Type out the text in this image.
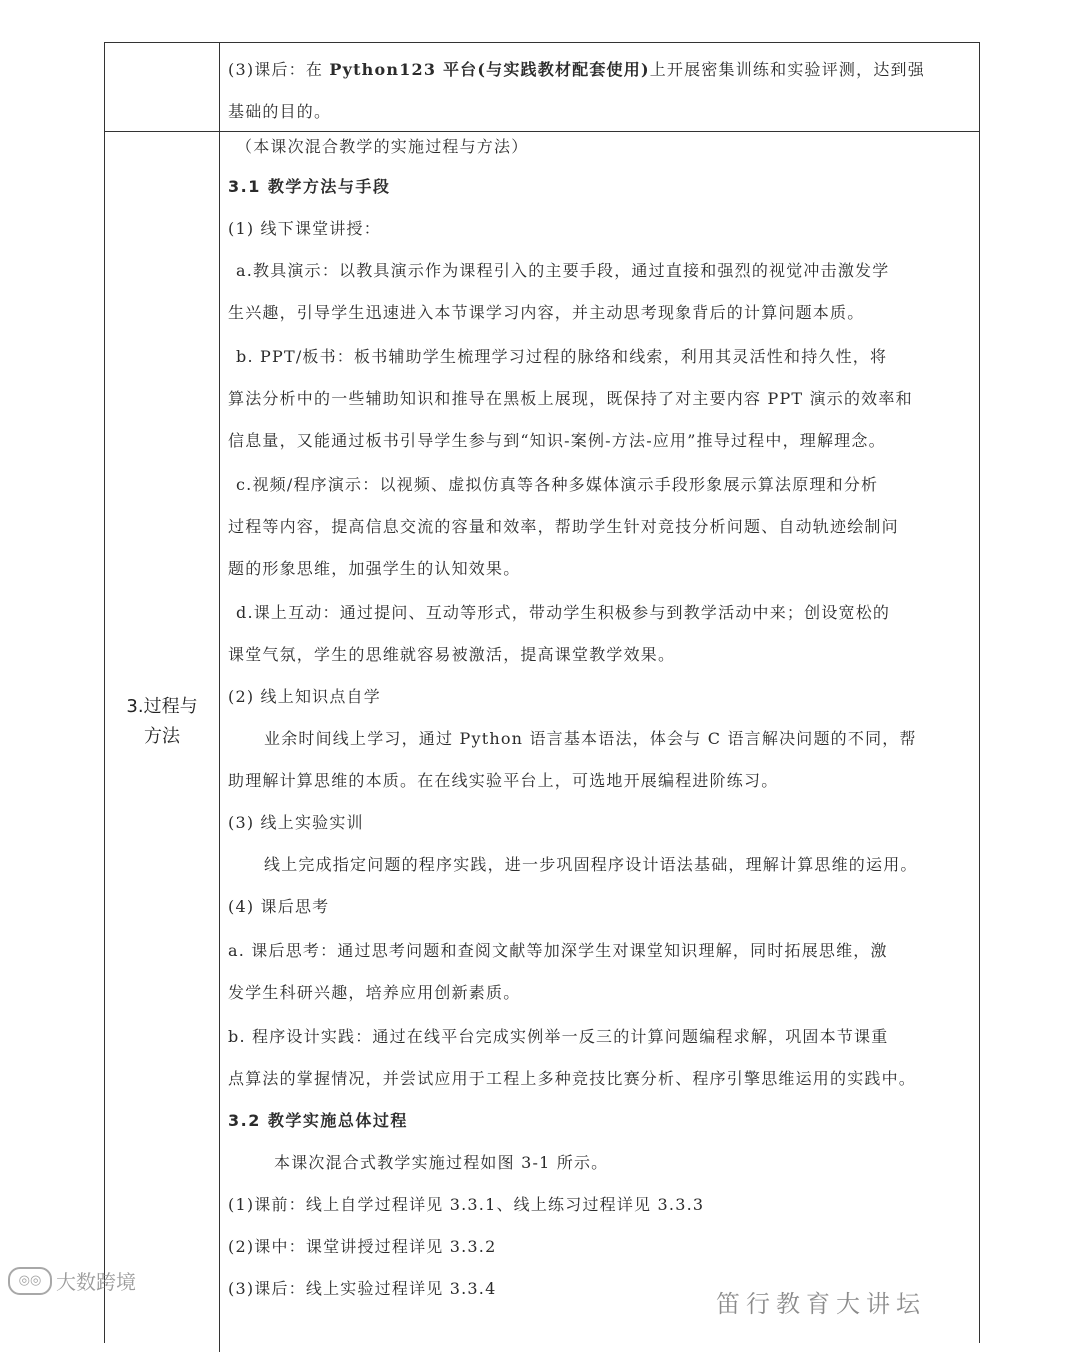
(3)课后：在 Python123 平台(与实践教材配套使用)上开展密集训练和实验评测，达到强
基础的目的。
3.过程与
方法
（本课次混合教学的实施过程与方法）
3.1 教学方法与手段
(1) 线下课堂讲授：
a.教具演示：以教具演示作为课程引入的主要手段，通过直接和强烈的视觉冲击激发学
生兴趣，引导学生迅速进入本节课学习内容，并主动思考现象背后的计算问题本质。
b. PPT/板书：板书辅助学生梳理学习过程的脉络和线索，利用其灵活性和持久性，将
算法分析中的一些辅助知识和推导在黑板上展现，既保持了对主要内容 PPT 演示的效率和
信息量，又能通过板书引导学生参与到“知识-案例-方法-应用”推导过程中，理解理念。
c.视频/程序演示：以视频、虚拟仿真等各种多媒体演示手段形象展示算法原理和分析
过程等内容，提高信息交流的容量和效率，帮助学生针对竞技分析问题、自动轨迹绘制问
题的形象思维，加强学生的认知效果。
d.课上互动：通过提问、互动等形式，带动学生积极参与到教学活动中来；创设宽松的
课堂气氛，学生的思维就容易被激活，提高课堂教学效果。
(2) 线上知识点自学
业余时间线上学习，通过 Python 语言基本语法，体会与 C 语言解决问题的不同，帮
助理解计算思维的本质。在在线实验平台上，可选地开展编程进阶练习。
(3) 线上实验实训
线上完成指定问题的程序实践，进一步巩固程序设计语法基础，理解计算思维的运用。
(4) 课后思考
a. 课后思考：通过思考问题和查阅文献等加深学生对课堂知识理解，同时拓展思维，激
发学生科研兴趣，培养应用创新素质。
b. 程序设计实践：通过在线平台完成实例举一反三的计算问题编程求解，巩固本节课重
点算法的掌握情况，并尝试应用于工程上多种竞技比赛分析、程序引擎思维运用的实践中。
3.2 教学实施总体过程
本课次混合式教学实施过程如图 3-1 所示。
(1)课前：线上自学过程详见 3.3.1、线上练习过程详见 3.3.3
(2)课中：课堂讲授过程详见 3.3.2
(3)课后：线上实验过程详见 3.3.4
◎◎ 大数跨境
笛行教育大讲坛
